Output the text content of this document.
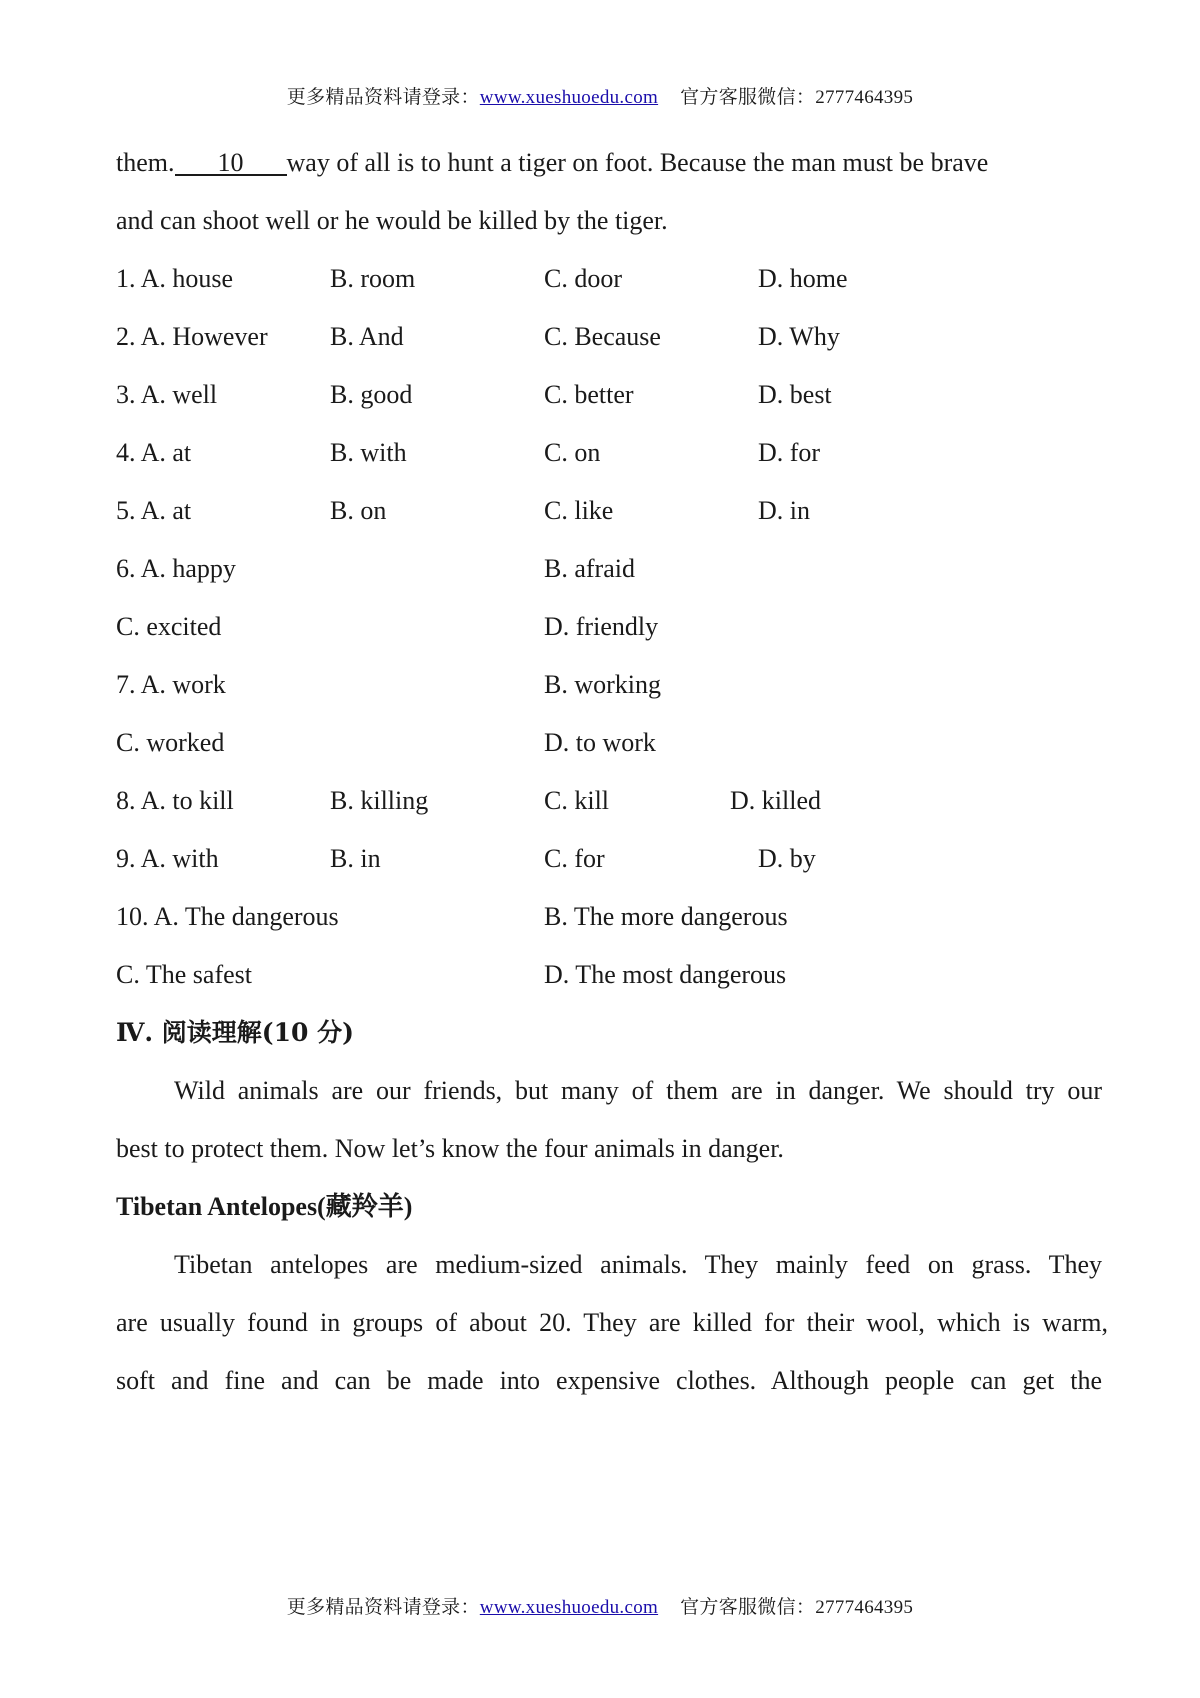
更多精品资料请登录：www.xueshuoedu.com 官方客服微信：2777464395
them. 10 way of all is to hunt a tiger on foot. Because the man must be brave
and can shoot well or he would be killed by the tiger.
1. A. house	B. room	C. door	D. home
2. A. However B. And	C. Because	D. Why
3. A. well	B. good	C. better	D. best
4. A. at	B. with	C. on	D. for
5. A. at	B. on	C. like	D. in
6. A. happy	B. afraid
C. excited	D. friendly
7. A. work	B. working
C. worked	D. to work
8. A. to kill	B. killing	C. kill	D. killed
9. A. with	B. in	C. for	D. by
10. A. The dangerous	B. The more dangerous
C. The safest	D. The most dangerous
Ⅳ. 阅读理解(10 分)
Wild animals are our friends, but many of them are in danger. We should try our
best to protect them. Now let’s know the four animals in danger.
Tibetan Antelopes(藏羚羊)
Tibetan antelopes are medium-sized animals. They mainly feed on grass. They
are usually found in groups of about 20. They are killed for their wool, which is warm,
soft and fine and can be made into expensive clothes. Although people can get the
更多精品资料请登录：www.xueshuoedu.com 官方客服微信：2777464395
